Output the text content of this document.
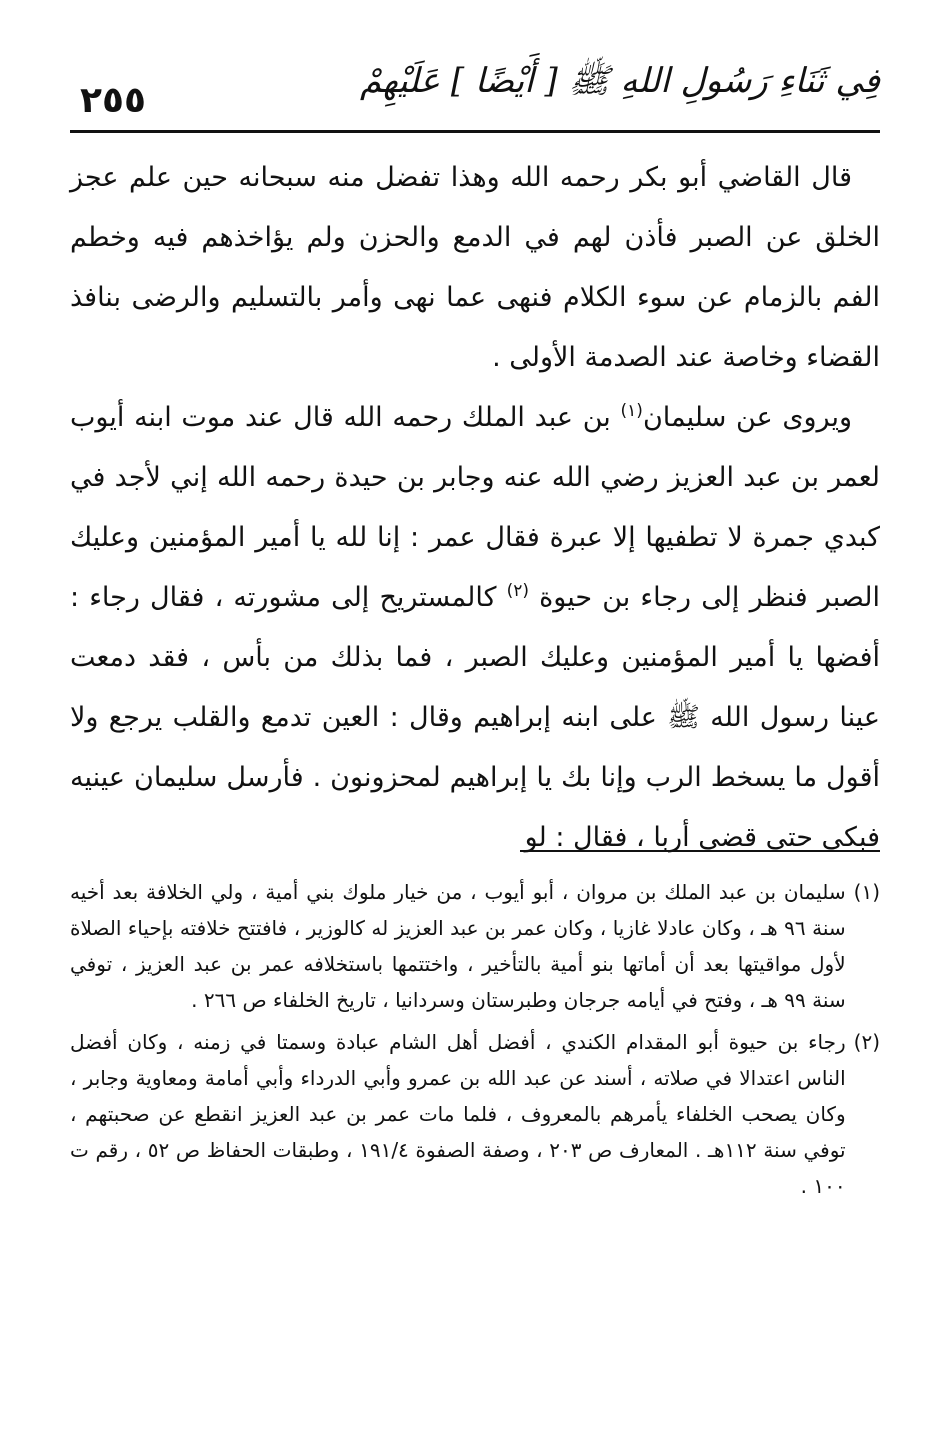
٢٥٥	فِي ثَنَاءِ رَسُولِ اللهِ ﷺ [ أَيْضًا ] عَلَيْهِمْ

قال القاضي أبو بكر رحمه الله وهذا تفضل منه سبحانه حين علم عجز الخلق عن الصبر فأذن لهم في الدمع والحزن ولم يؤاخذهم فيه وخطم الفم بالزمام عن سوء الكلام فنهى عما نهى وأمر بالتسليم والرضى بنافذ القضاء وخاصة عند الصدمة الأولى .

ويروى عن سليمان$^{(١)}$ بن عبد الملك رحمه الله قال عند موت ابنه أيوب لعمر بن عبد العزيز رضي الله عنه وجابر بن حيدة رحمه الله إني لأجد في كبدي جمرة لا تطفيها إلا عبرة فقال عمر : إنا لله يا أمير المؤمنين وعليك الصبر فنظر إلى رجاء بن حيوة $^{(٢)}$ كالمستريح إلى مشورته ، فقال رجاء : أفضها يا أمير المؤمنين وعليك الصبر ، فما بذلك من بأس ، فقد دمعت عينا رسول الله ﷺ على ابنه إبراهيم وقال : العين تدمع والقلب يرجع ولا أقول ما يسخط الرب وإنا بك يا إبراهيم لمحزونون . فأرسل سليمان عينيه فبكى حتى قضى أربا ، فقال : لو

(١)
سليمان بن عبد الملك بن مروان ، أبو أيوب ، من خيار ملوك بني أمية ، ولي الخلافة بعد أخيه سنة ٩٦ هـ ، وكان عادلا غازيا ، وكان عمر بن عبد العزيز له كالوزير ، فافتتح خلافته بإحياء الصلاة لأول مواقيتها بعد أن أماتها بنو أمية بالتأخير ، واختتمها باستخلافه عمر بن عبد العزيز ، توفي سنة ٩٩ هـ ، وفتح في أيامه جرجان وطبرستان وسردانيا ، تاريخ الخلفاء ص ٢٦٦ .
(٢)
رجاء بن حيوة أبو المقدام الكندي ، أفضل أهل الشام عبادة وسمتا في زمنه ، وكان أفضل الناس اعتدالا في صلاته ، أسند عن عبد الله بن عمرو وأبي الدرداء وأبي أمامة ومعاوية وجابر ، وكان يصحب الخلفاء يأمرهم بالمعروف ، فلما مات عمر بن عبد العزيز انقطع عن صحبتهم ، توفي سنة ١١٢هـ . المعارف ص ٢٠٣ ، وصفة الصفوة ١٩١/٤ ، وطبقات الحفاظ ص ٥٢ ، رقم ت ١٠٠ .
